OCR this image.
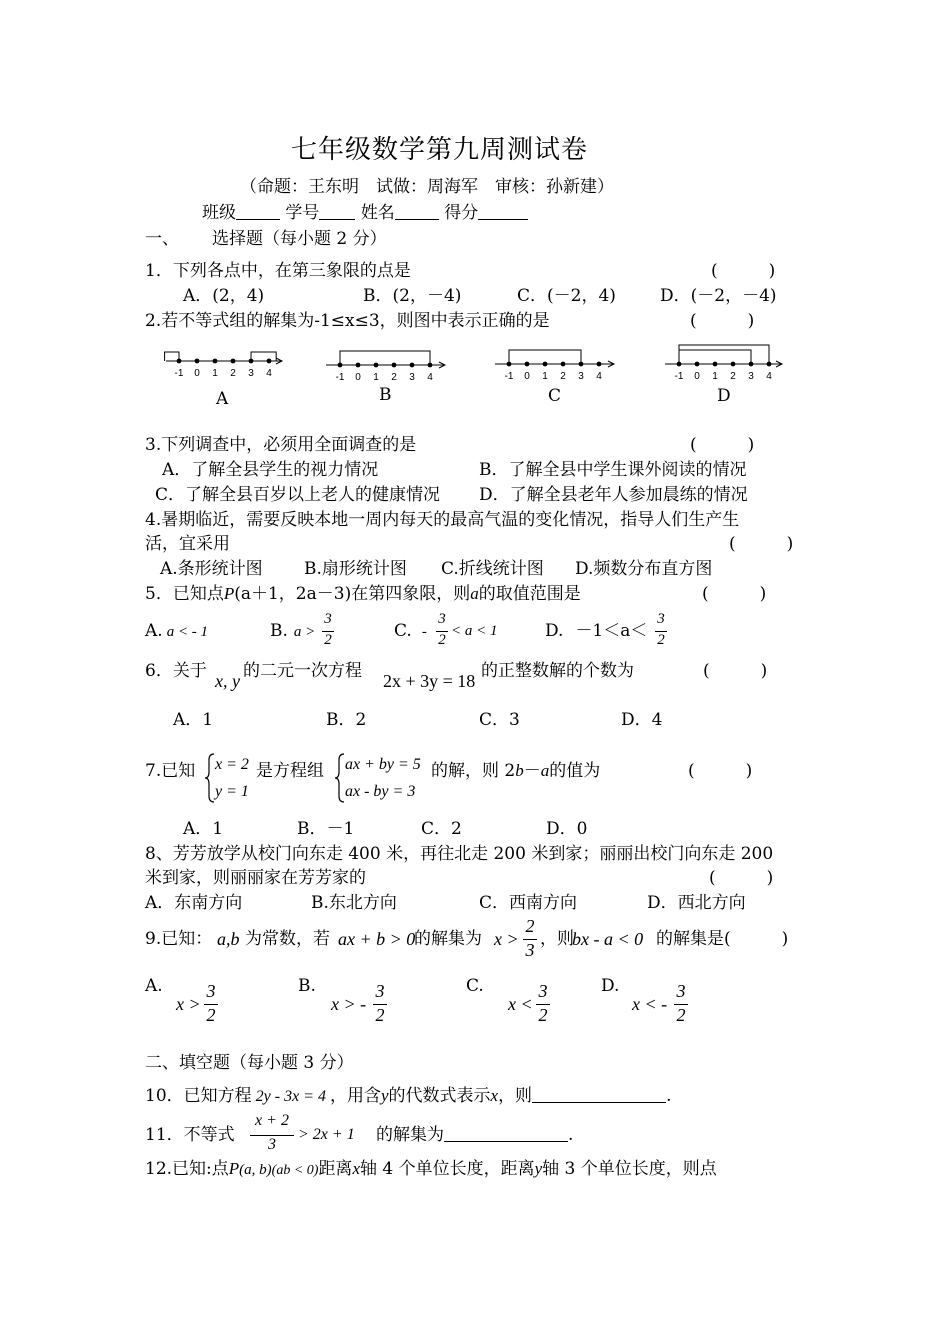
七年级数学第九周测试卷
（命题：王东明　试做：周海军　审核：孙新建）
班级	学号 姓名	得分
一、 选择题（每小题 2 分）
1．下列各点中，在第三象限的点是	(　　　)
A．(2，4)	B．(2，－4)	C．(－2，4)	D．(－2，－4)
2.若不等式组的解集为-1≤x≤3，则图中表示正确的是	(　　　)
-1 0 1 2 3 4	-1 0 1 2 3 4	-1 0 1 2 3 4	-1 0 1 2 3 4
A	B	C	D
3.下列调查中，必须用全面调查的是	(　　　)
A．了解全县学生的视力情况	B．了解全县中学生课外阅读的情况
C．了解全县百岁以上老人的健康情况 D．了解全县老年人参加晨练的情况
4.暑期临近，需要反映本地一周内每天的最高气温的变化情况，指导人们生产生
活，宜采用	(　　　)
A.条形统计图 B.扇形统计图 C.折线统计图 D.频数分布直方图
5．已知点P(a＋1，2a－3)在第四象限，则a的取值范围是	(　　　)
A. a < - 1	B. a >
3
2	C. -
3
2
< a < 1	D. －1＜a＜
3
2
6．关于 x, y 的二元一次方程 2x + 3y = 18 的正整数解的个数为	(　　　)
A．1	B．2	C．3	D．4
7.已知 x = 2
y = 1
是方程组 ax + by = 5
ax - by = 3
的解，则 2b－a的值为	(　　　)
A．1	B．－1	C．2	D．0
8、芳芳放学从校门向东走 400 米，再往北走 200 米到家；丽丽出校门向东走 200
米到家，则丽丽家在芳芳家的	(　　　)
A．东南方向	B.东北方向	C．西南方向	D．西北方向
9.已知： a,b 为常数，若 ax + b > 0
的解集为 x >
2
3
，则
bx - a < 0 的解集是(　　　)
A.
x >
3
2
B.
x > -
3
2
C.
x <
3
2
D.
x < -
3
2
二、填空题（每小题 3 分）
10．已知方程 2y - 3x = 4 ，用含y的代数式表示x，则	.
11．不等式
x + 2
3
> 2x + 1 的解集为	.
12.已知:点P(a, b)(ab < 0)距离x轴 4 个单位长度，距离y轴 3 个单位长度，则点
